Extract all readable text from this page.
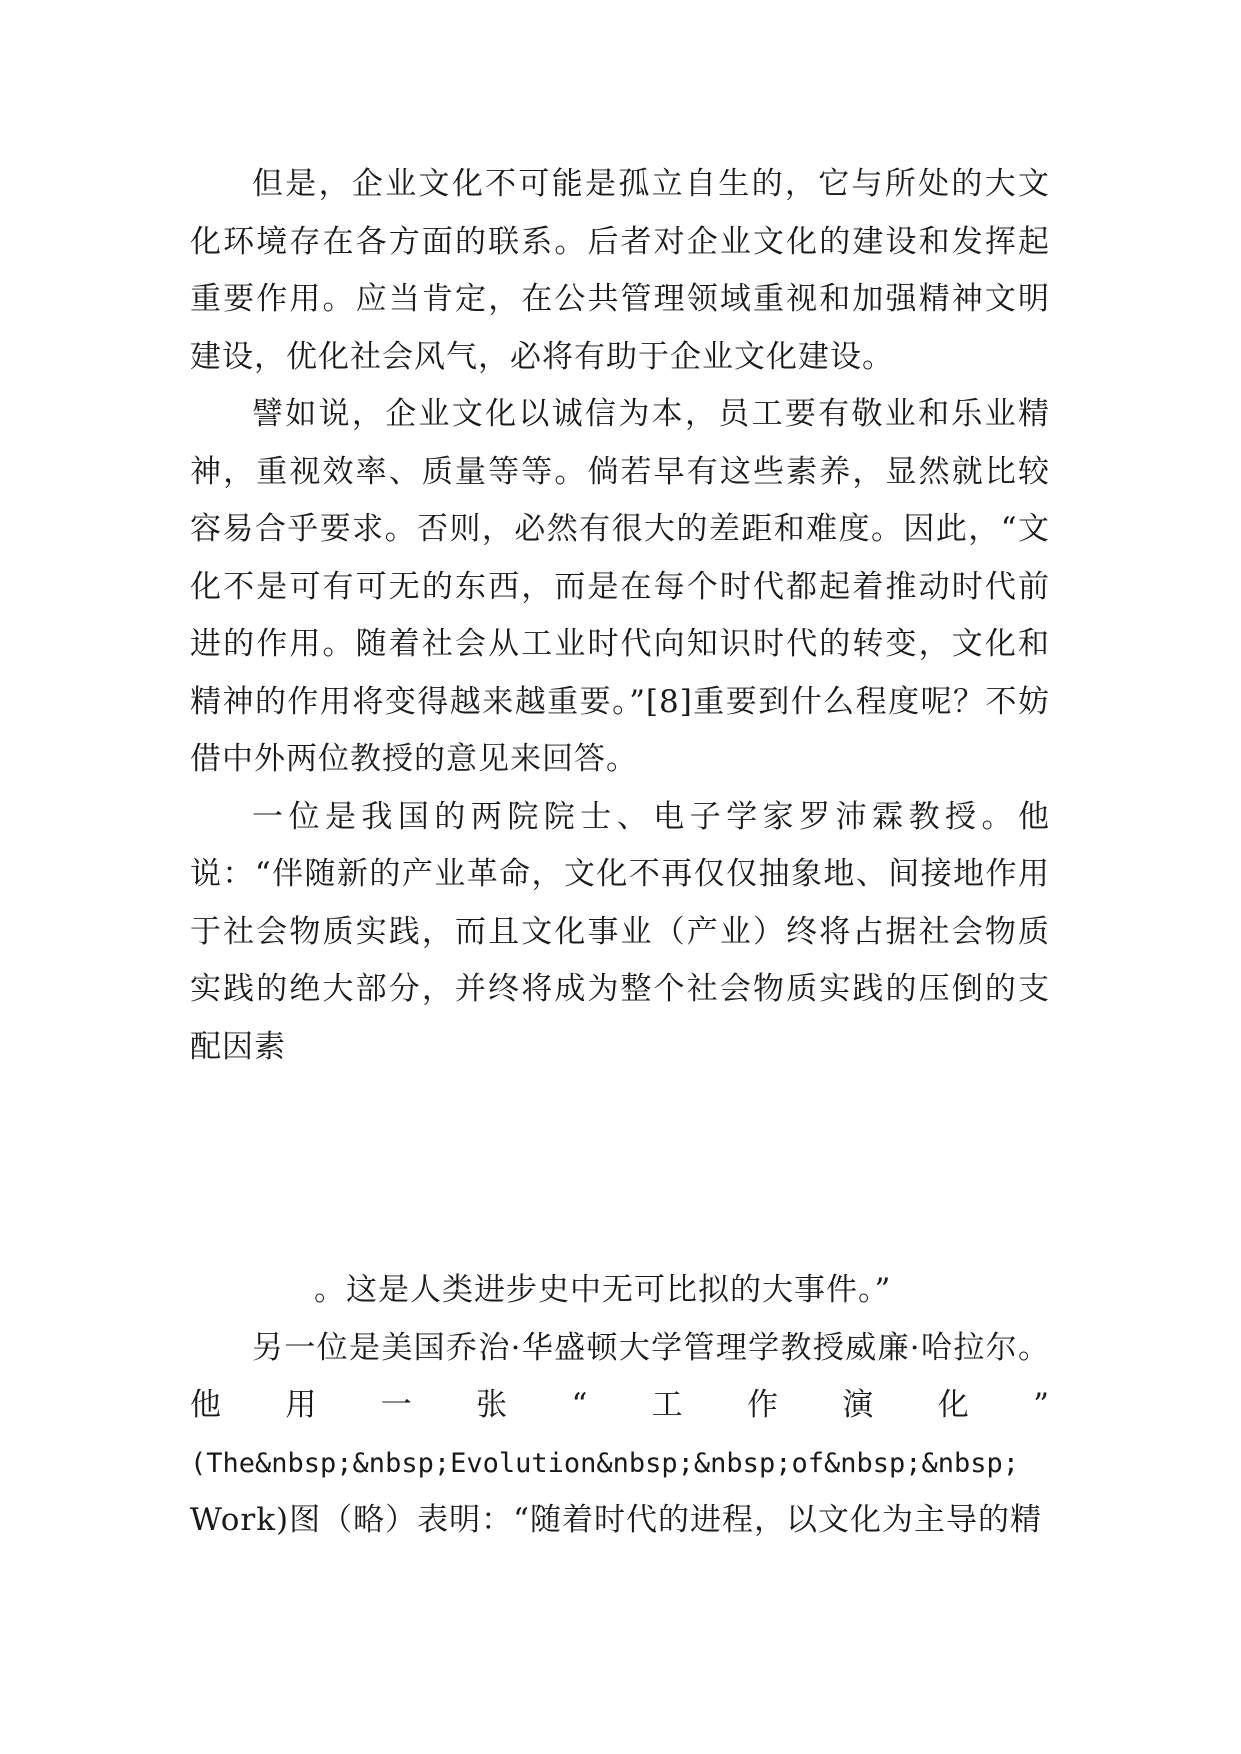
但是，企业文化不可能是孤立自生的，它与所处的大文化环境存在各方面的联系。后者对企业文化的建设和发挥起重要作用。应当肯定，在公共管理领域重视和加强精神文明建设，优化社会风气，必将有助于企业文化建设。

譬如说，企业文化以诚信为本，员工要有敬业和乐业精神，重视效率、质量等等。倘若早有这些素养，显然就比较容易合乎要求。否则，必然有很大的差距和难度。因此，“文化不是可有可无的东西，而是在每个时代都起着推动时代前进的作用。随着社会从工业时代向知识时代的转变，文化和精神的作用将变得越来越重要。”[8]重要到什么程度呢？不妨借中外两位教授的意见来回答。

一位是我国的两院院士、电子学家罗沛霖教授。他说：“伴随新的产业革命，文化不再仅仅抽象地、间接地作用于社会物质实践，而且文化事业（产业）终将占据社会物质实践的绝大部分，并终将成为整个社会物质实践的压倒的支配因素

。这是人类进步史中无可比拟的大事件。”

另一位是美国乔治·华盛顿大学管理学教授威廉·哈拉尔。他用一张“工作演化”

(The&nbsp;&nbsp;Evolution&nbsp;&nbsp;of&nbsp;&nbsp;

Work)图（略）表明：“随着时代的进程，以文化为主导的精
